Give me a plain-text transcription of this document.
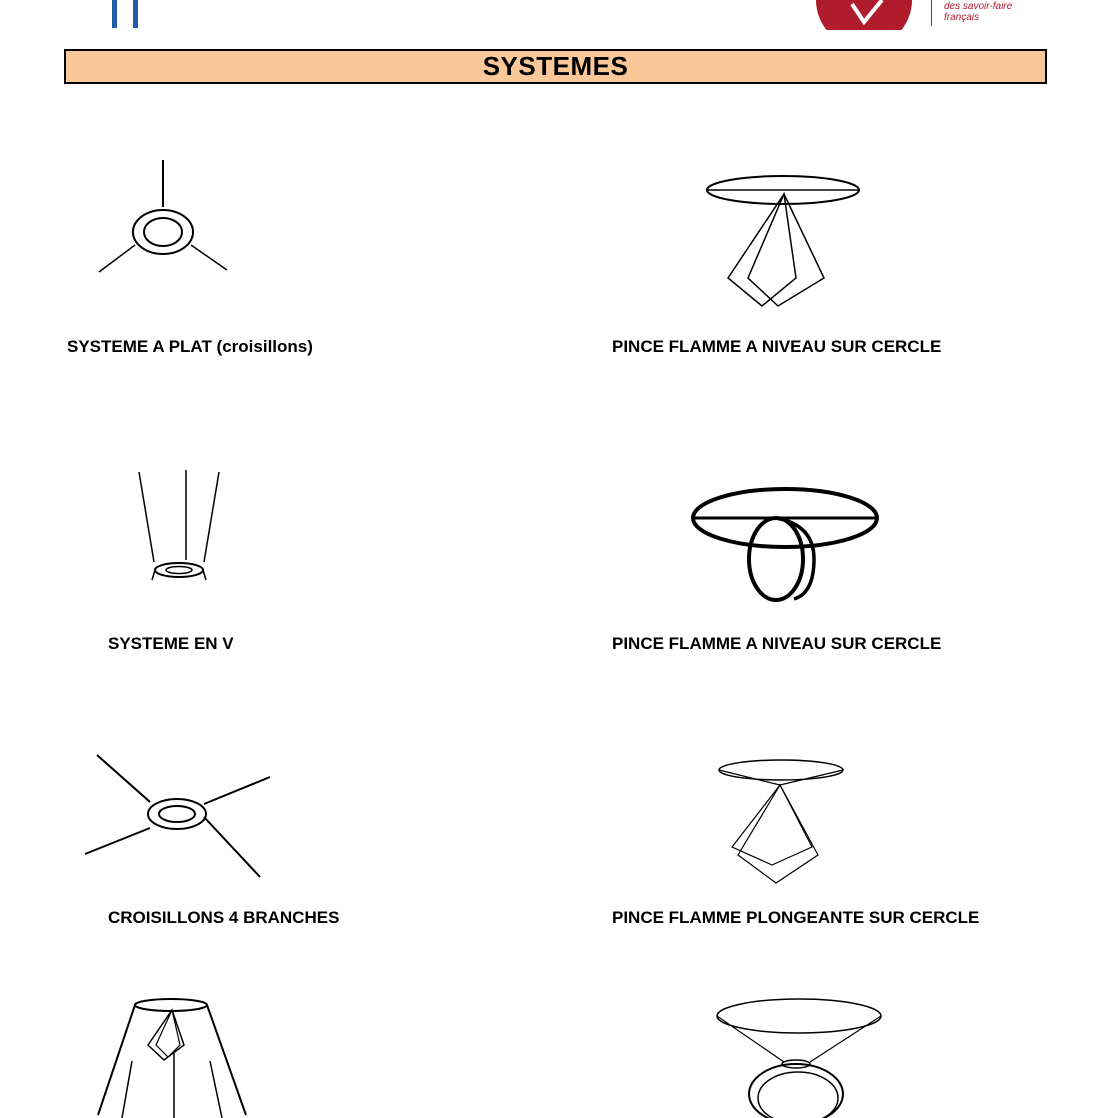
des savoir-faire
français
SYSTEMES
SYSTEME A PLAT (croisillons)	PINCE FLAMME A NIVEAU SUR CERCLE
SYSTEME EN V	PINCE FLAMME A NIVEAU SUR CERCLE
CROISILLONS 4 BRANCHES	PINCE FLAMME PLONGEANTE SUR CERCLE
